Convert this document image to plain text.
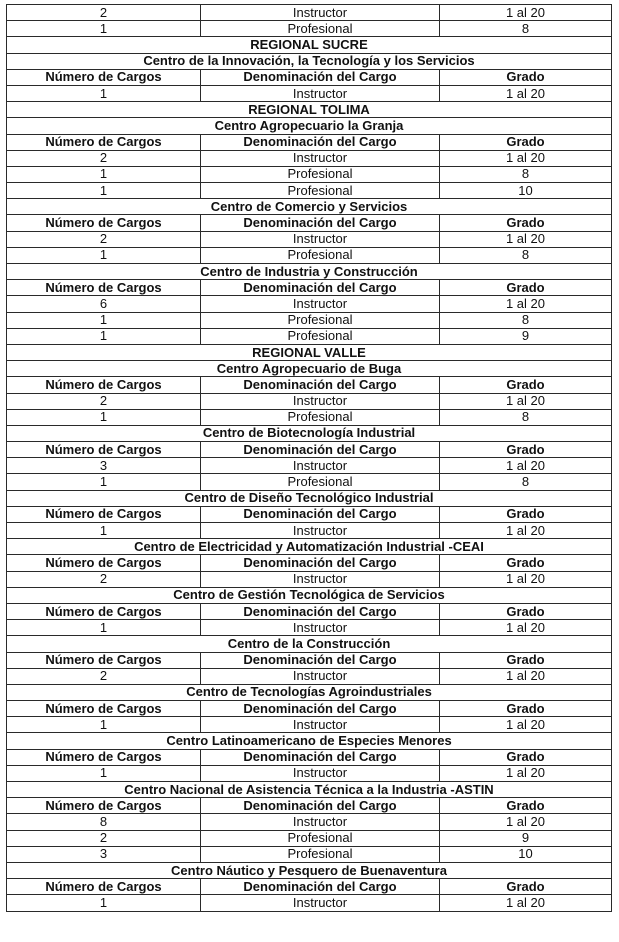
2	Instructor	1 al 20
1	Profesional	8
REGIONAL SUCRE		
Centro de la Innovación, la Tecnología y los Servicios		
Número de Cargos	Denominación del Cargo	Grado
1	Instructor	1 al 20
REGIONAL TOLIMA		
Centro Agropecuario la Granja		
Número de Cargos	Denominación del Cargo	Grado
2	Instructor	1 al 20
1	Profesional	8
1	Profesional	10
Centro de Comercio y Servicios		
Número de Cargos	Denominación del Cargo	Grado
2	Instructor	1 al 20
1	Profesional	8
Centro de Industria y Construcción		
Número de Cargos	Denominación del Cargo	Grado
6	Instructor	1 al 20
1	Profesional	8
1	Profesional	9
REGIONAL VALLE		
Centro Agropecuario de Buga		
Número de Cargos	Denominación del Cargo	Grado
2	Instructor	1 al 20
1	Profesional	8
Centro de Biotecnología Industrial		
Número de Cargos	Denominación del Cargo	Grado
3	Instructor	1 al 20
1	Profesional	8
Centro de Diseño Tecnológico Industrial		
Número de Cargos	Denominación del Cargo	Grado
1	Instructor	1 al 20
Centro de Electricidad y Automatización Industrial -CEAI		
Número de Cargos	Denominación del Cargo	Grado
2	Instructor	1 al 20
Centro de Gestión Tecnológica de Servicios		
Número de Cargos	Denominación del Cargo	Grado
1	Instructor	1 al 20
Centro de la Construcción		
Número de Cargos	Denominación del Cargo	Grado
2	Instructor	1 al 20
Centro de Tecnologías Agroindustriales		
Número de Cargos	Denominación del Cargo	Grado
1	Instructor	1 al 20
Centro Latinoamericano de Especies Menores		
Número de Cargos	Denominación del Cargo	Grado
1	Instructor	1 al 20
Centro Nacional de Asistencia Técnica a la Industria -ASTIN		
Número de Cargos	Denominación del Cargo	Grado
8	Instructor	1 al 20
2	Profesional	9
3	Profesional	10
Centro Náutico y Pesquero de Buenaventura		
Número de Cargos	Denominación del Cargo	Grado
1	Instructor	1 al 20
